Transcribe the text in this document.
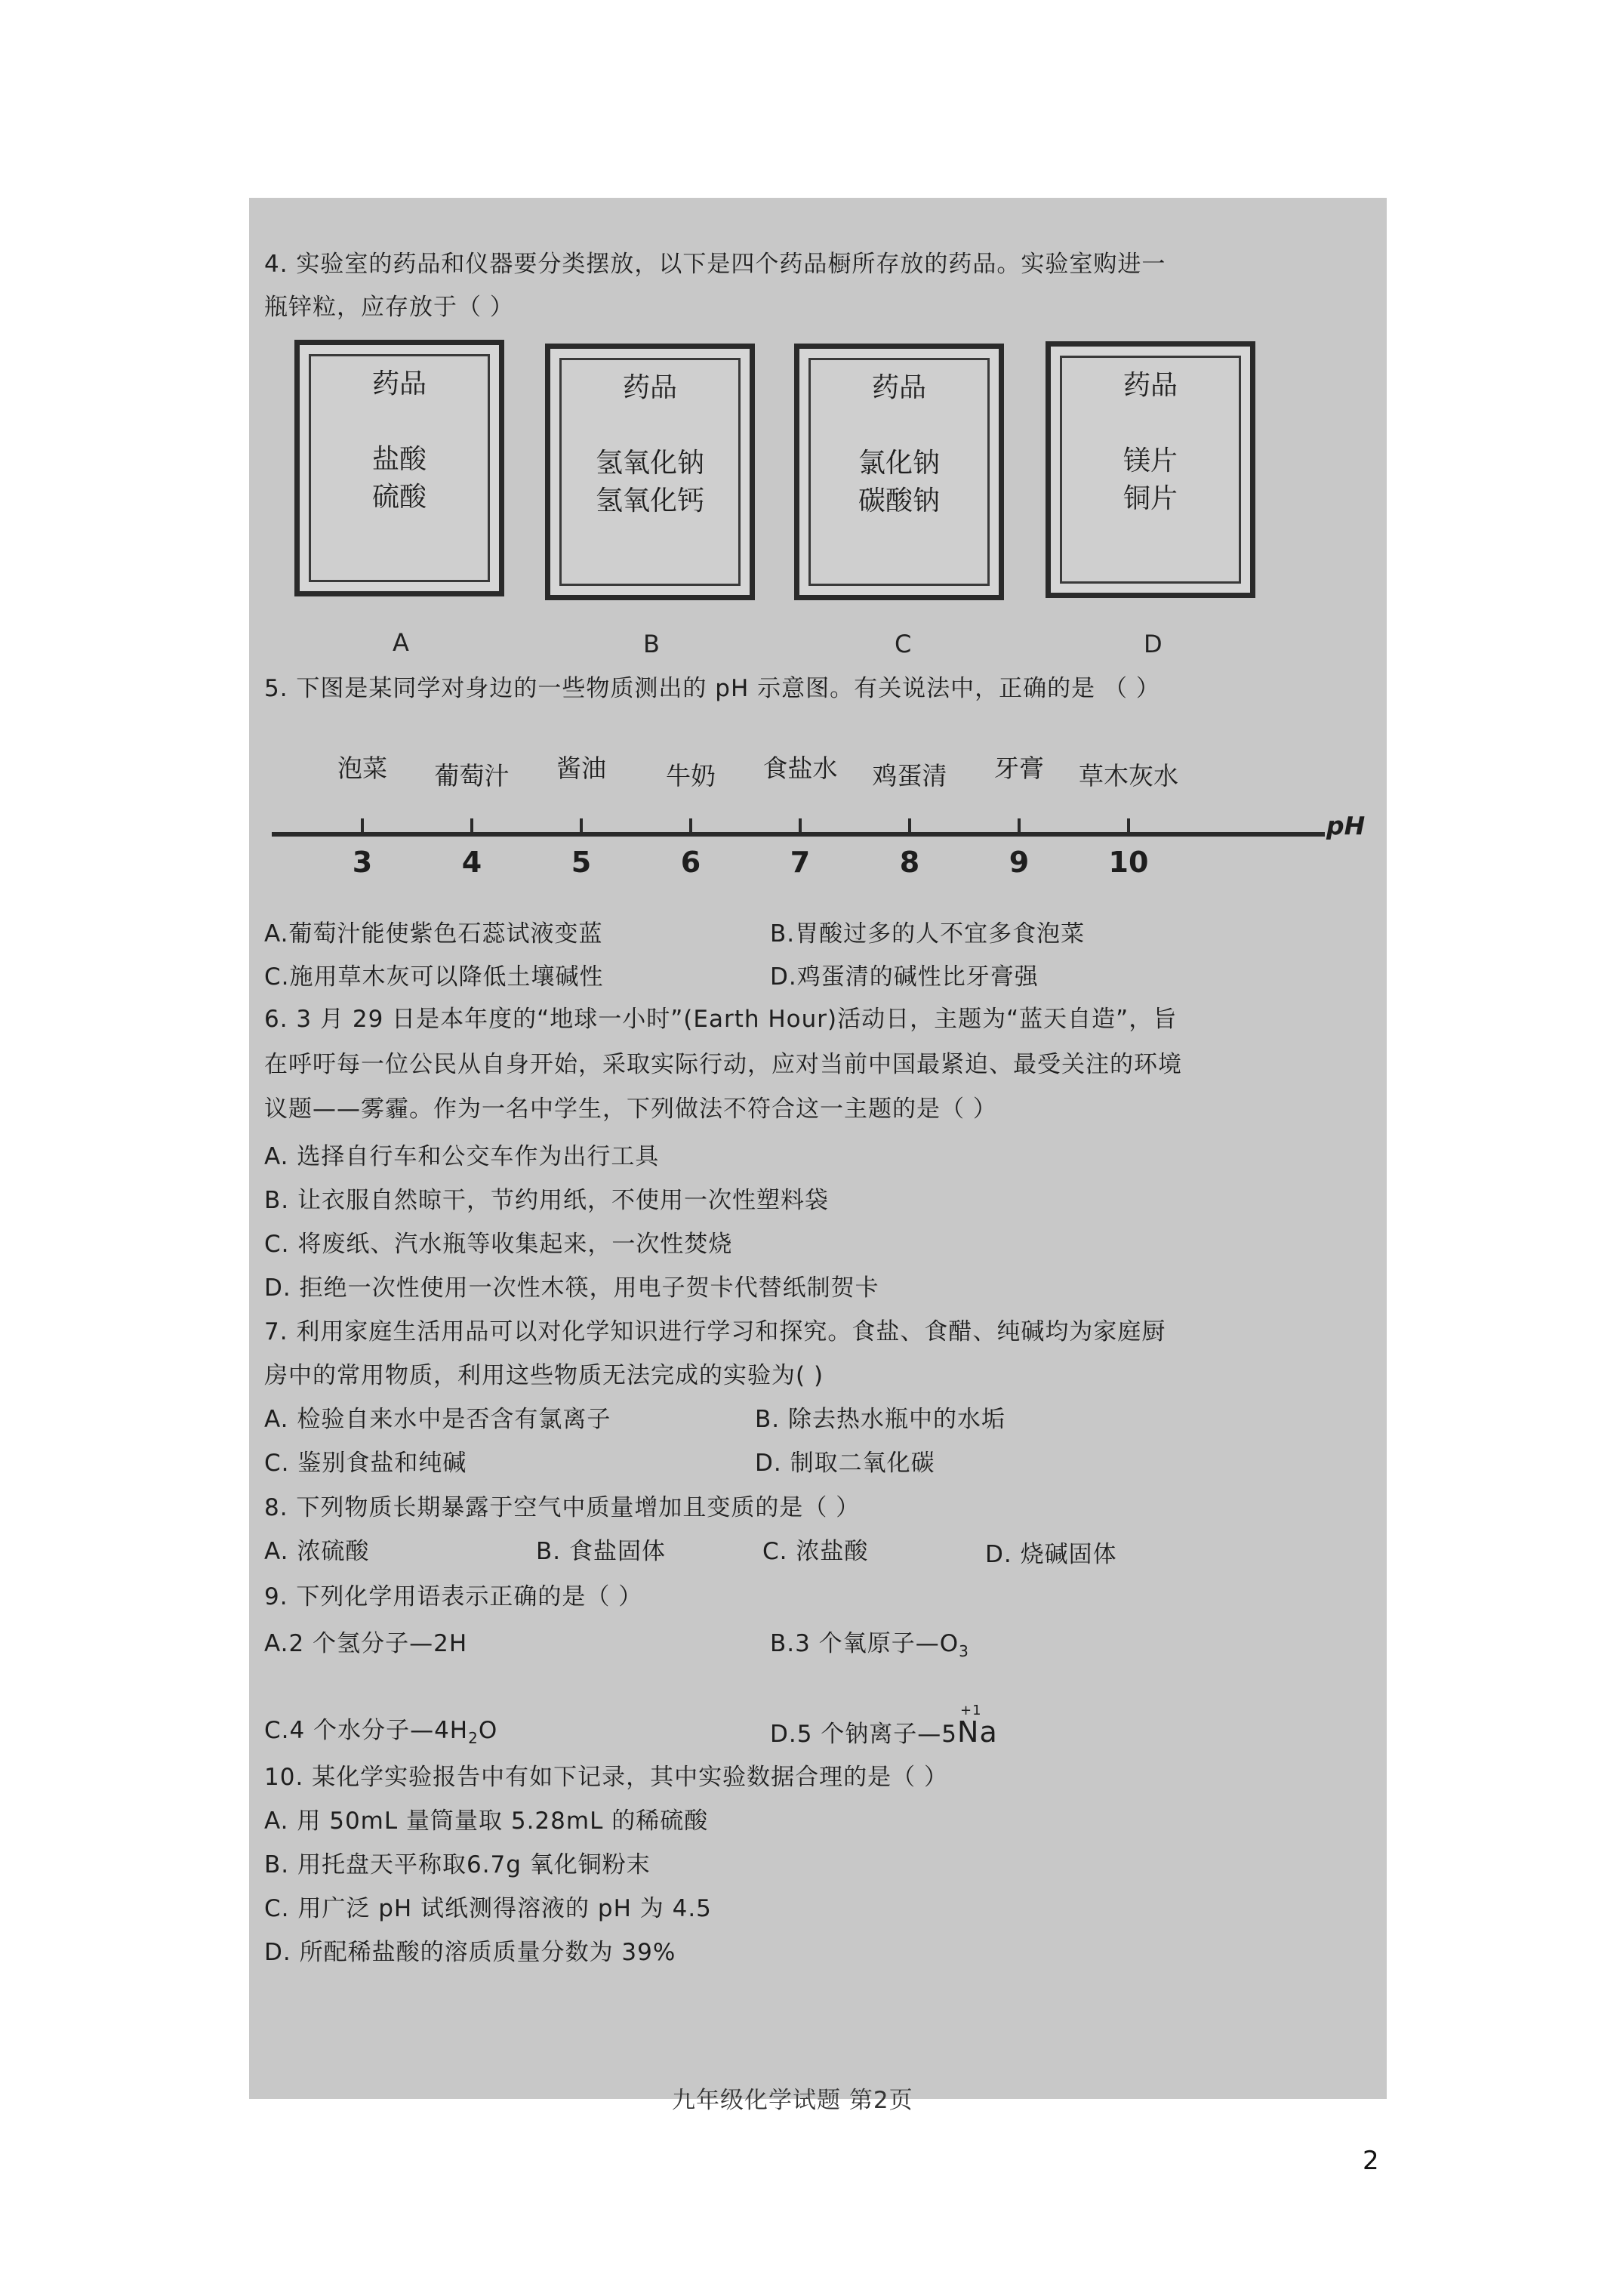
4. 实验室的药品和仪器要分类摆放，以下是四个药品橱所存放的药品。实验室购进一
瓶锌粒，应存放于（ ）
药品
盐酸
硫酸
药品
氢氧化钠
氢氧化钙
药品
氯化钠
碳酸钠
药品
镁片
铜片
A	B	C	D
5. 下图是某同学对身边的一些物质测出的 pH 示意图。有关说法中，正确的是 （ ）
pH
泡菜 葡萄汁 酱油 牛奶 食盐水 鸡蛋清 牙膏 草木灰水
3	4	5	6	7	8	9	10
A.葡萄汁能使紫色石蕊试液变蓝	B.胃酸过多的人不宜多食泡菜
C.施用草木灰可以降低土壤碱性	D.鸡蛋清的碱性比牙膏强
6. 3 月 29 日是本年度的“地球一小时”(Earth Hour)活动日，主题为“蓝天自造”，旨
在呼吁每一位公民从自身开始，采取实际行动，应对当前中国最紧迫、最受关注的环境
议题——雾霾。作为一名中学生，下列做法不符合这一主题的是（ ）
A. 选择自行车和公交车作为出行工具
B. 让衣服自然晾干，节约用纸，不使用一次性塑料袋
C. 将废纸、汽水瓶等收集起来，一次性焚烧
D. 拒绝一次性使用一次性木筷，用电子贺卡代替纸制贺卡
7. 利用家庭生活用品可以对化学知识进行学习和探究。食盐、食醋、纯碱均为家庭厨
房中的常用物质，利用这些物质无法完成的实验为( )
A. 检验自来水中是否含有氯离子	B. 除去热水瓶中的水垢
C. 鉴别食盐和纯碱	D. 制取二氧化碳
8. 下列物质长期暴露于空气中质量增加且变质的是（ ）
A. 浓硫酸	B. 食盐固体	C. 浓盐酸	D. 烧碱固体
9. 下列化学用语表示正确的是（ ）
A.2 个氢分子—2H	B.3 个氧原子$—O_3$
C.4 个水分子$—4H_2O$	D.5 个钠离子—5
+1
Na
10. 某化学实验报告中有如下记录，其中实验数据合理的是（ ）
A. 用 50mL 量筒量取 5.28mL 的稀硫酸
B. 用托盘天平称取6.7g 氧化铜粉末
C. 用广泛 pH 试纸测得溶液的 pH 为 4.5
D. 所配稀盐酸的溶质质量分数为 39%
九年级化学试题 第2页
2
